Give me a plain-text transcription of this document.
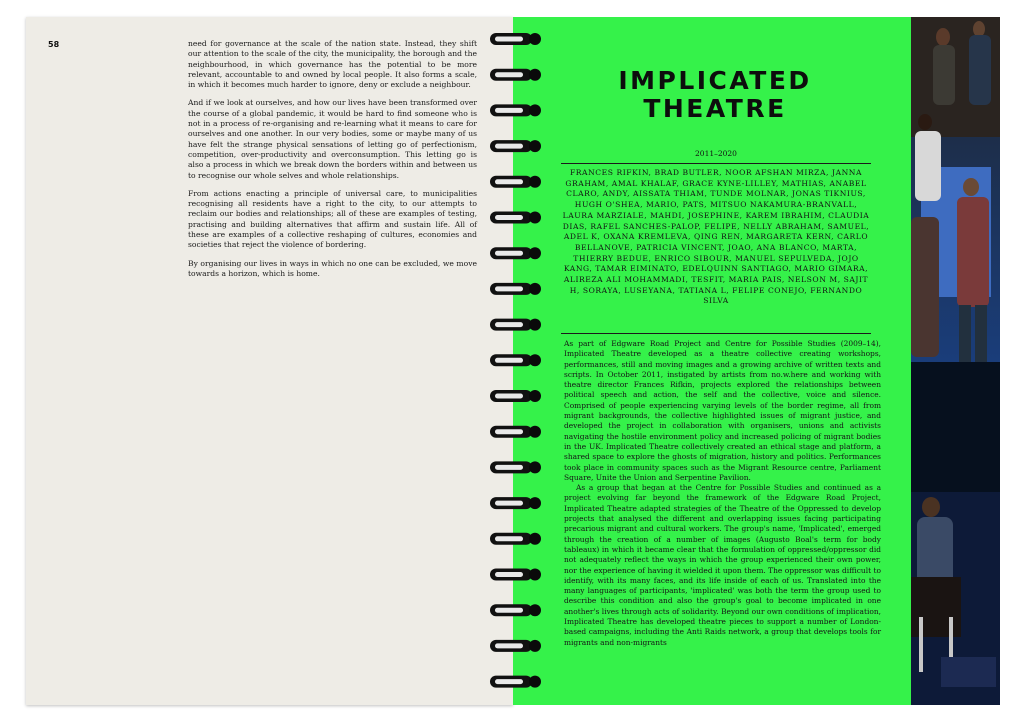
58	need for governance at the scale of the nation state. Instead, they shift our attention to the scale of the city, the municipality, the borough and the neighbourhood, in which governance has the potential to be more relevant, accountable to and owned by local people. It also forms a scale, in which it becomes much harder to ignore, deny or exclude a neighbour.

And if we look at ourselves, and how our lives have been transformed over the course of a global pandemic, it would be hard to find someone who is not in a process of re-organising and re-learning what it means to care for ourselves and one another. In our very bodies, some or maybe many of us have felt the strange physical sensations of letting go of perfectionism, competition, over-productivity and overconsumption. This letting go is also a process in which we break down the borders within and between us to recognise our whole selves and whole relationships.

From actions enacting a principle of universal care, to municipalities recognising all residents have a right to the city, to our attempts to reclaim our bodies and relationships; all of these are examples of testing, practising and building alternatives that affirm and sustain life. All of these are examples of a collective reshaping of cultures, economies and societies that reject the violence of bordering.

By organising our lives in ways in which no one can be excluded, we move towards a horizon, which is home.

IMPLICATED
THEATRE
2011–2020
FRANCES RIFKIN, BRAD BUTLER, NOOR AFSHAN MIRZA, JANNA GRAHAM, AMAL KHALAF, GRACE KYNE-LILLEY, MATHIAS, ANABEL CLARO, ANDY, AISSATA THIAM, TUNDE MOLNAR, JONAS TIKNIUS, HUGH O'SHEA, MARIO, PATS, MITSUO NAKAMURA-BRANVALL, LAURA MARZIALE, MAHDI, JOSEPHINE, KAREM IBRAHIM, CLAUDIA DIAS, RAFEL SANCHES-PALOP, FELIPE, NELLY ABRAHAM, SAMUEL, ADEL K, OXANA KREMLEVA, QING REN, MARGARETA KERN, CARLO BELLANOVE, PATRICIA VINCENT, JOAO, ANA BLANCO, MARTA, THIERRY BEDUE, ENRICO SIBOUR, MANUEL SEPULVEDA, JOJO KANG, TAMAR EIMINATO, EDELQUINN SANTIAGO, MARIO GIMARA, ALIREZA ALI MOHAMMADI, TESFIT, MARIA PAIS, NELSON M, SAJIT H, SORAYA, LUSEYANA, TATIANA L, FELIPE CONEJO, FERNANDO SILVA

As part of Edgware Road Project and Centre for Possible Studies (2009–14), Implicated Theatre developed as a theatre collective creating workshops, performances, still and moving images and a growing archive of written texts and scripts. In October 2011, instigated by artists from no.w.here and working with theatre director Frances Rifkin, projects explored the relationships between political speech and action, the self and the collective, voice and silence. Comprised of people experiencing varying levels of the border regime, all from migrant backgrounds, the collective highlighted issues of migrant justice, and developed the project in collaboration with organisers, unions and activists navigating the hostile environment policy and increased policing of migrant bodies in the UK. Implicated Theatre collectively created an ethical stage and platform, a shared space to explore the ghosts of migration, history and politics. Performances took place in community spaces such as the Migrant Resource centre, Parliament Square, Unite the Union and Serpentine Pavilion.

As a group that began at the Centre for Possible Studies and continued as a project evolving far beyond the framework of the Edgware Road Project, Implicated Theatre adapted strategies of the Theatre of the Oppressed to develop projects that analysed the different and overlapping issues facing participating precarious migrant and cultural workers. The group's name, 'Implicated', emerged through the creation of a number of images (Augusto Boal's term for body tableaux) in which it became clear that the formulation of oppressed/oppressor did not adequately reflect the ways in which the group experienced their own power, nor the experience of having it wielded it upon them. The oppressor was difficult to identify, with its many faces, and its life inside of each of us. Translated into the many languages of participants, 'implicated' was both the term the group used to describe this condition and also the group's goal to become implicated in one another's lives through acts of solidarity. Beyond our own conditions of implication, Implicated Theatre has developed theatre pieces to support a number of London-based campaigns, including the Anti Raids network, a group that develops tools for migrants and non-migrants
